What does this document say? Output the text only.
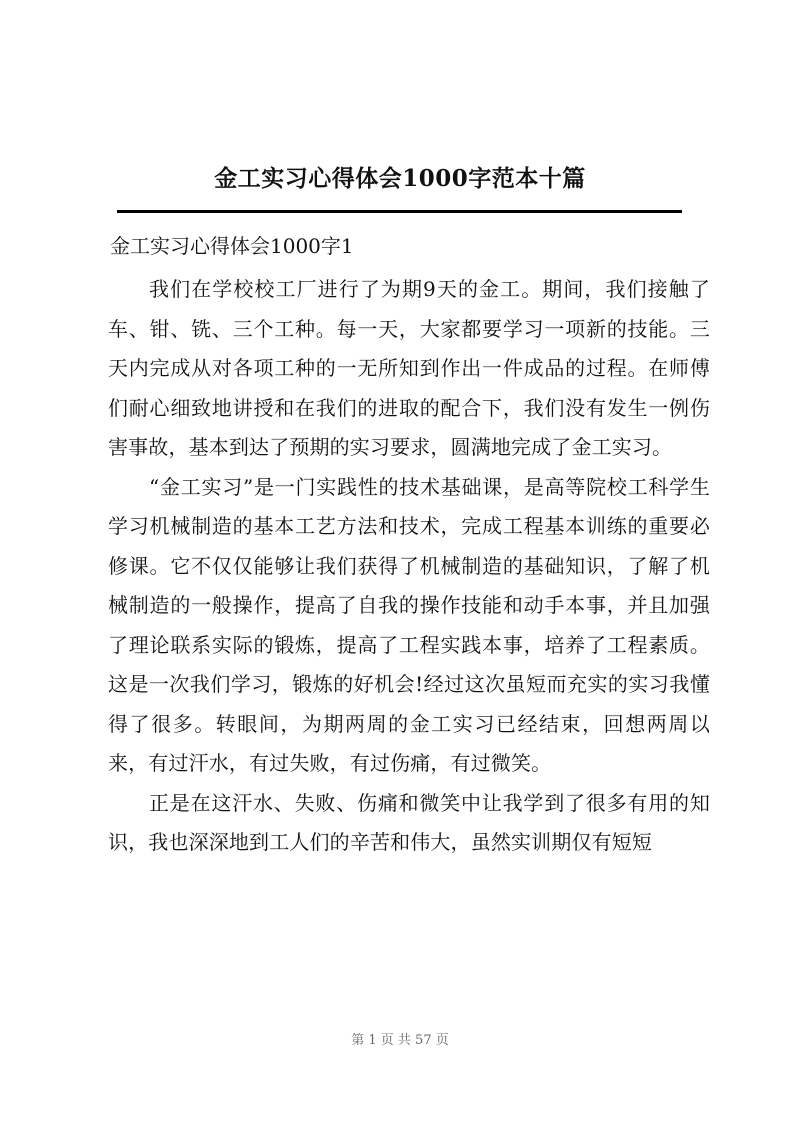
金工实习心得体会1000字范本十篇
金工实习心得体会1000字1

我们在学校校工厂进行了为期9天的金工。期间，我们接触了车、钳、铣、三个工种。每一天，大家都要学习一项新的技能。三天内完成从对各项工种的一无所知到作出一件成品的过程。在师傅们耐心细致地讲授和在我们的进取的配合下，我们没有发生一例伤害事故，基本到达了预期的实习要求，圆满地完成了金工实习。

“金工实习”是一门实践性的技术基础课，是高等院校工科学生学习机械制造的基本工艺方法和技术，完成工程基本训练的重要必修课。它不仅仅能够让我们获得了机械制造的基础知识，了解了机械制造的一般操作，提高了自我的操作技能和动手本事，并且加强了理论联系实际的锻炼，提高了工程实践本事，培养了工程素质。这是一次我们学习，锻炼的好机会!经过这次虽短而充实的实习我懂得了很多。转眼间，为期两周的金工实习已经结束，回想两周以来，有过汗水，有过失败，有过伤痛，有过微笑。

正是在这汗水、失败、伤痛和微笑中让我学到了很多有用的知识，我也深深地到工人们的辛苦和伟大，虽然实训期仅有短短

第 1 页 共 57 页
